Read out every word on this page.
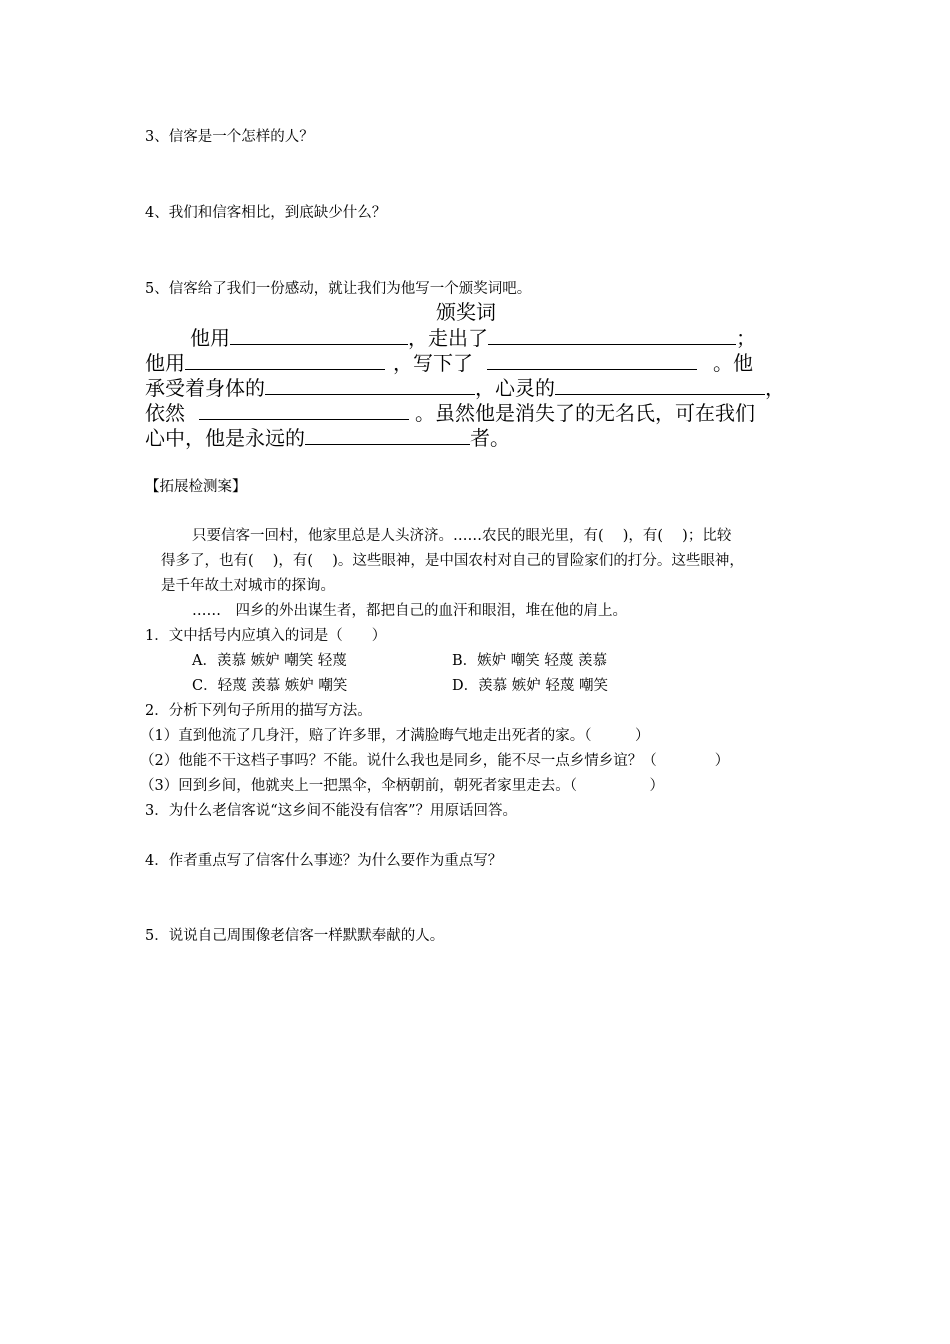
3、信客是一个怎样的人？
4、我们和信客相比，到底缺少什么？
5、信客给了我们一份感动，就让我们为他写一个颁奖词吧。
颁奖词
他用	，走出了	；
他用	，写下了	。他
承受着身体的	，心灵的	，
依然	。虽然他是消失了的无名氏，可在我们
心中，他是永远的	者。
【拓展检测案】
只要信客一回村，他家里总是人头济济。……农民的眼光里，有(　 )，有(　 )；比较
得多了，也有(　 )，有(　 )。这些眼神，是中国农村对自己的冒险家们的打分。这些眼神，
是千年故土对城市的探询。
……　四乡的外出谋生者，都把自己的血汗和眼泪，堆在他的肩上。
1．文中括号内应填入的词是（　　）
A．羡慕 嫉妒 嘲笑 轻蔑	B．嫉妒 嘲笑 轻蔑 羡慕
C．轻蔑 羡慕 嫉妒 嘲笑	D．羡慕 嫉妒 轻蔑 嘲笑
2．分析下列句子所用的描写方法。
（1）直到他流了几身汗，赔了许多罪，才满脸晦气地走出死者的家。（　　　）
（2）他能不干这档子事吗？不能。说什么我也是同乡，能不尽一点乡情乡谊？（　　　　）
（3）回到乡间，他就夹上一把黑伞，伞柄朝前，朝死者家里走去。（　　　　　）
3．为什么老信客说“这乡间不能没有信客”？用原话回答。
4．作者重点写了信客什么事迹？为什么要作为重点写？
5．说说自己周围像老信客一样默默奉献的人。
